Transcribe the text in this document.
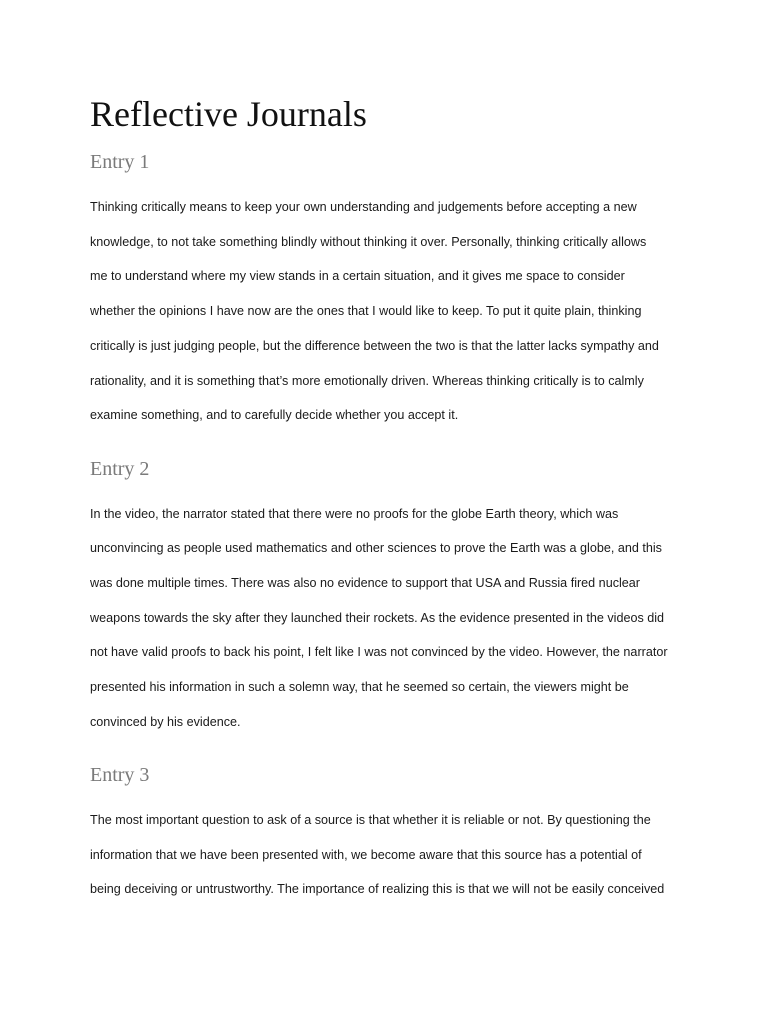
Reflective Journals
Entry 1

Thinking critically means to keep your own understanding and judgements before accepting a new

knowledge, to not take something blindly without thinking it over. Personally, thinking critically allows

me to understand where my view stands in a certain situation, and it gives me space to consider

whether the opinions I have now are the ones that I would like to keep. To put it quite plain, thinking

critically is just judging people, but the difference between the two is that the latter lacks sympathy and

rationality, and it is something that’s more emotionally driven. Whereas thinking critically is to calmly

examine something, and to carefully decide whether you accept it.

Entry 2

In the video, the narrator stated that there were no proofs for the globe Earth theory, which was

unconvincing as people used mathematics and other sciences to prove the Earth was a globe, and this

was done multiple times. There was also no evidence to support that USA and Russia fired nuclear

weapons towards the sky after they launched their rockets. As the evidence presented in the videos did

not have valid proofs to back his point, I felt like I was not convinced by the video. However, the narrator

presented his information in such a solemn way, that he seemed so certain, the viewers might be

convinced by his evidence.

Entry 3

The most important question to ask of a source is that whether it is reliable or not. By questioning the

information that we have been presented with, we become aware that this source has a potential of

being deceiving or untrustworthy. The importance of realizing this is that we will not be easily conceived
